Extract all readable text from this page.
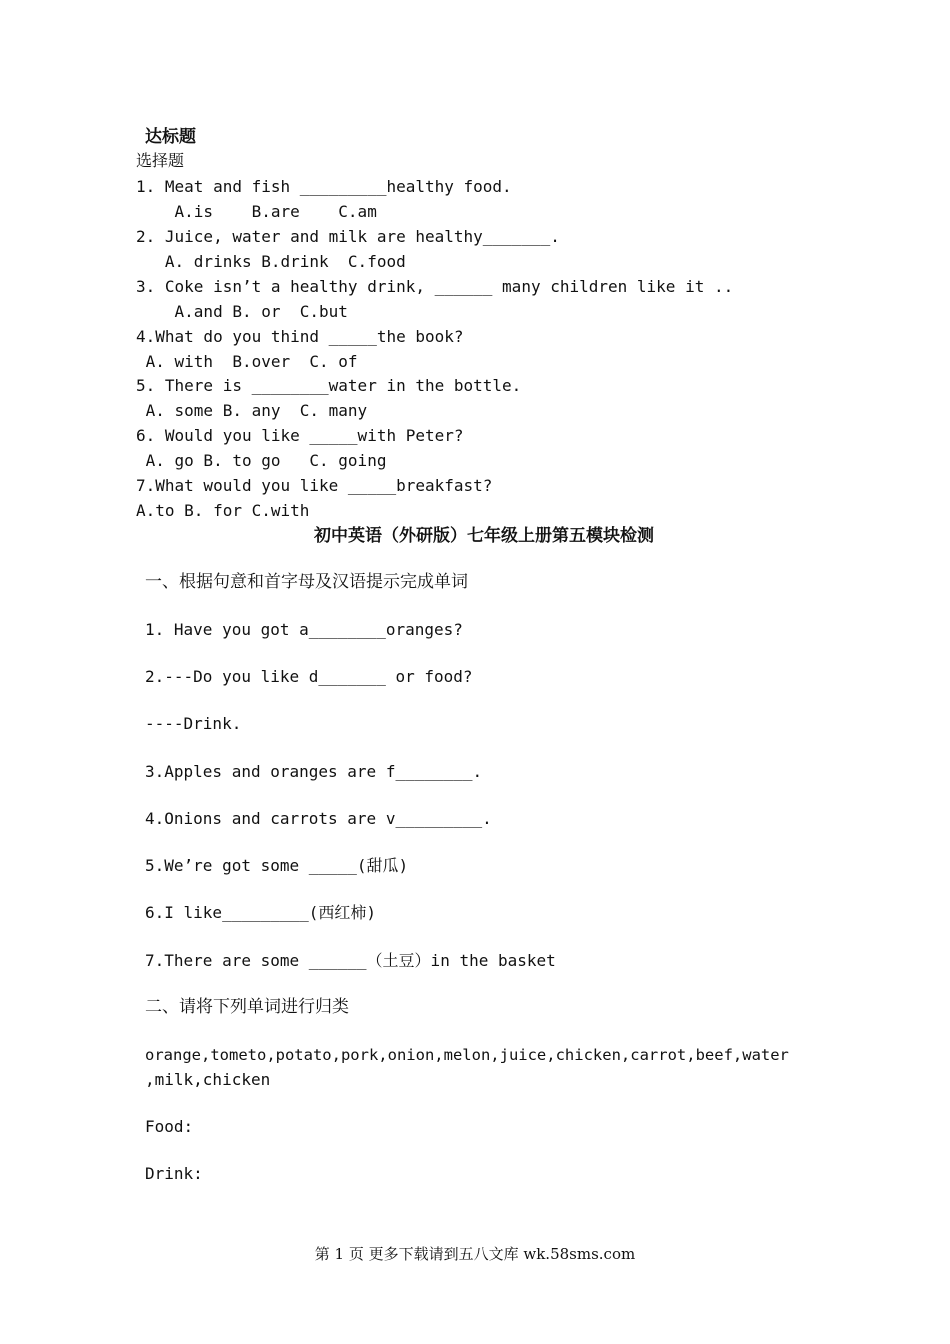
达标题
选择题
1. Meat and fish _________healthy food.
A.is    B.are    C.am
2. Juice, water and milk are healthy_______.
A. drinks B.drink  C.food
3. Coke isn’t a healthy drink, ______ many children like it ..
A.and B. or  C.but
4.What do you thind _____the book?
A. with  B.over  C. of
5. There is ________water in the bottle.
A. some B. any  C. many
6. Would you like _____with Peter?
A. go B. to go   C. going
7.What would you like _____breakfast?
A.to B. for C.with
初中英语（外研版）七年级上册第五模块检测
一、根据句意和首字母及汉语提示完成单词
1. Have you got a________oranges?
2.---Do you like d_______ or food?
----Drink.
3.Apples and oranges are f________.
4.Onions and carrots are v_________.
5.We’re got some _____(甜瓜)
6.I like_________(西红柿)
7.There are some ______（土豆）in the basket
二、请将下列单词进行归类
orange,tometo,potato,pork,onion,melon,juice,chicken,carrot,beef,water
,milk,chicken
Food:
Drink:
第 1 页 更多下载请到五八文库 wk.58sms.com
